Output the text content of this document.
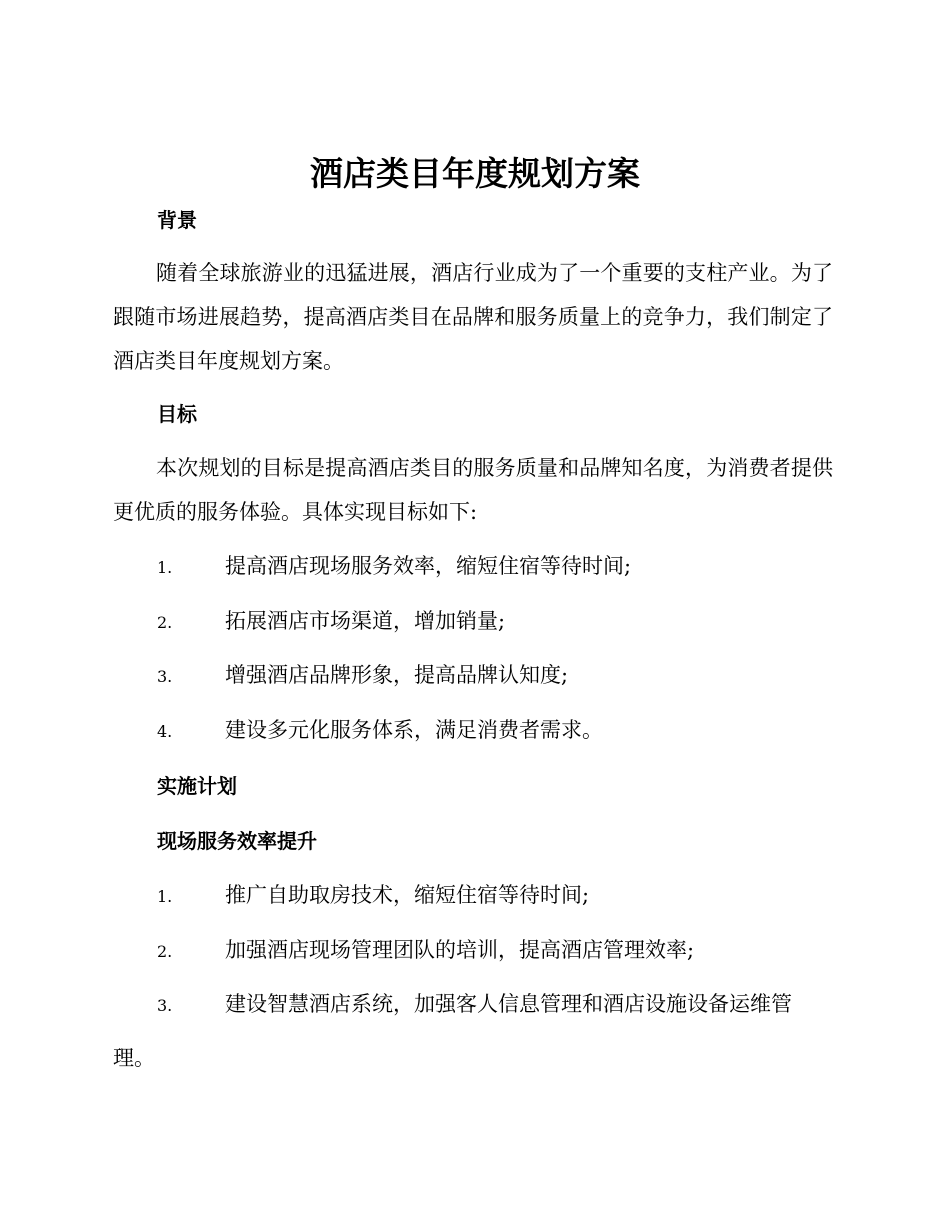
酒店类目年度规划方案
背景
随着全球旅游业的迅猛进展，酒店行业成为了一个重要的支柱产业。为了跟随市场进展趋势，提高酒店类目在品牌和服务质量上的竞争力，我们制定了酒店类目年度规划方案。
目标
本次规划的目标是提高酒店类目的服务质量和品牌知名度，为消费者提供更优质的服务体验。具体实现目标如下:
1.	提高酒店现场服务效率，缩短住宿等待时间;
2.	拓展酒店市场渠道，增加销量;
3.	增强酒店品牌形象，提高品牌认知度;
4.	建设多元化服务体系，满足消费者需求。
实施计划
现场服务效率提升
1.	推广自助取房技术，缩短住宿等待时间;
2.	加强酒店现场管理团队的培训，提高酒店管理效率;
3.	建设智慧酒店系统，加强客人信息管理和酒店设施设备运维管理。
